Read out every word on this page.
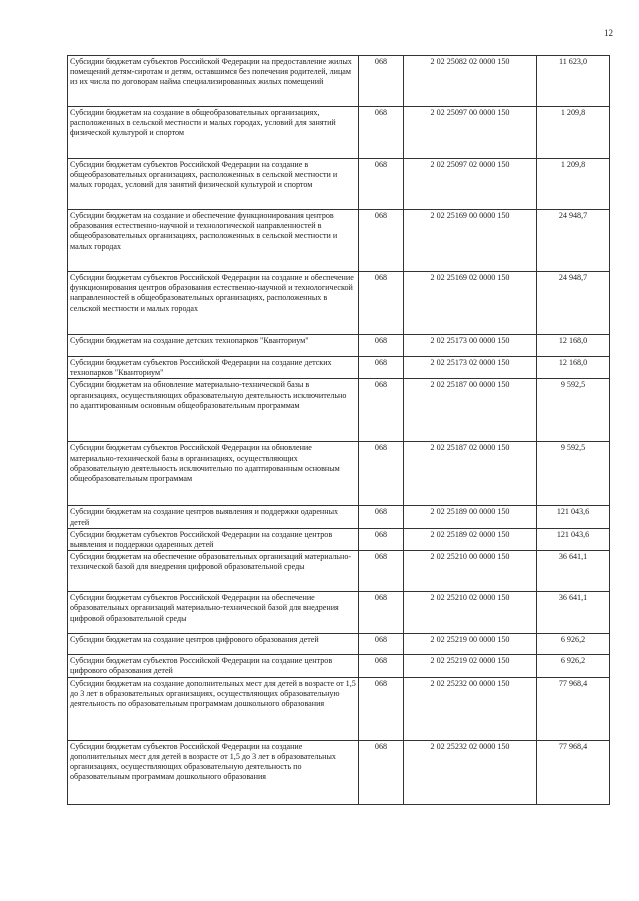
12
Субсидии бюджетам субъектов Российской Федерации на предоставление жилых помещений детям-сиротам и детям, оставшимся без попечения родителей, лицам из их числа по договорам найма специализированных жилых помещений	068	2 02 25082 02 0000 150	11 623,0
Субсидии бюджетам на создание в общеобразовательных организациях, расположенных в сельской местности и малых городах, условий для занятий физической культурой и спортом	068	2 02 25097 00 0000 150	1 209,8
Субсидии бюджетам субъектов Российской Федерации на создание в общеобразовательных организациях, расположенных в сельской местности и малых городах, условий для занятий физической культурой и спортом	068	2 02 25097 02 0000 150	1 209,8
Субсидии бюджетам на создание и обеспечение функционирования центров образования естественно-научной и технологической направленностей в общеобразовательных организациях, расположенных в сельской местности и малых городах	068	2 02 25169 00 0000 150	24 948,7
Субсидии бюджетам субъектов Российской Федерации на создание и обеспечение функционирования центров образования естественно-научной и технологической направленностей в общеобразовательных организациях, расположенных в сельской местности и малых городах	068	2 02 25169 02 0000 150	24 948,7
Субсидии бюджетам на создание детских технопарков "Кванториум"	068	2 02 25173 00 0000 150	12 168,0
Субсидии бюджетам субъектов Российской Федерации на создание детских технопарков "Кванториум"	068	2 02 25173 02 0000 150	12 168,0
Субсидии бюджетам на обновление материально-технической базы в организациях, осуществляющих образовательную деятельность исключительно по адаптированным основным общеобразовательным программам	068	2 02 25187 00 0000 150	9 592,5
Субсидии бюджетам субъектов Российской Федерации на обновление материально-технической базы в организациях, осуществляющих образовательную деятельность исключительно по адаптированным основным общеобразовательным программам	068	2 02 25187 02 0000 150	9 592,5
Субсидии бюджетам на создание центров выявления и поддержки одаренных детей	068	2 02 25189 00 0000 150	121 043,6
Субсидии бюджетам субъектов Российской Федерации на создание центров выявления и поддержки одаренных детей	068	2 02 25189 02 0000 150	121 043,6
Субсидии бюджетам на обеспечение образовательных организаций материально-технической базой для внедрения цифровой образовательной среды	068	2 02 25210 00 0000 150	36 641,1
Субсидии бюджетам субъектов Российской Федерации на обеспечение образовательных организаций материально-технической базой для внедрения цифровой образовательной среды	068	2 02 25210 02 0000 150	36 641,1
Субсидии бюджетам на создание центров цифрового образования детей	068	2 02 25219 00 0000 150	6 926,2
Субсидии бюджетам субъектов Российской Федерации на создание центров цифрового образования детей	068	2 02 25219 02 0000 150	6 926,2
Субсидии бюджетам на создание дополнительных мест для детей в возрасте от 1,5 до 3 лет в образовательных организациях, осуществляющих образовательную деятельность по образовательным программам дошкольного образования	068	2 02 25232 00 0000 150	77 968,4
Субсидии бюджетам субъектов Российской Федерации на создание дополнительных мест для детей в возрасте от 1,5 до 3 лет в образовательных организациях, осуществляющих образовательную деятельность по образовательным программам дошкольного образования	068	2 02 25232 02 0000 150	77 968,4
